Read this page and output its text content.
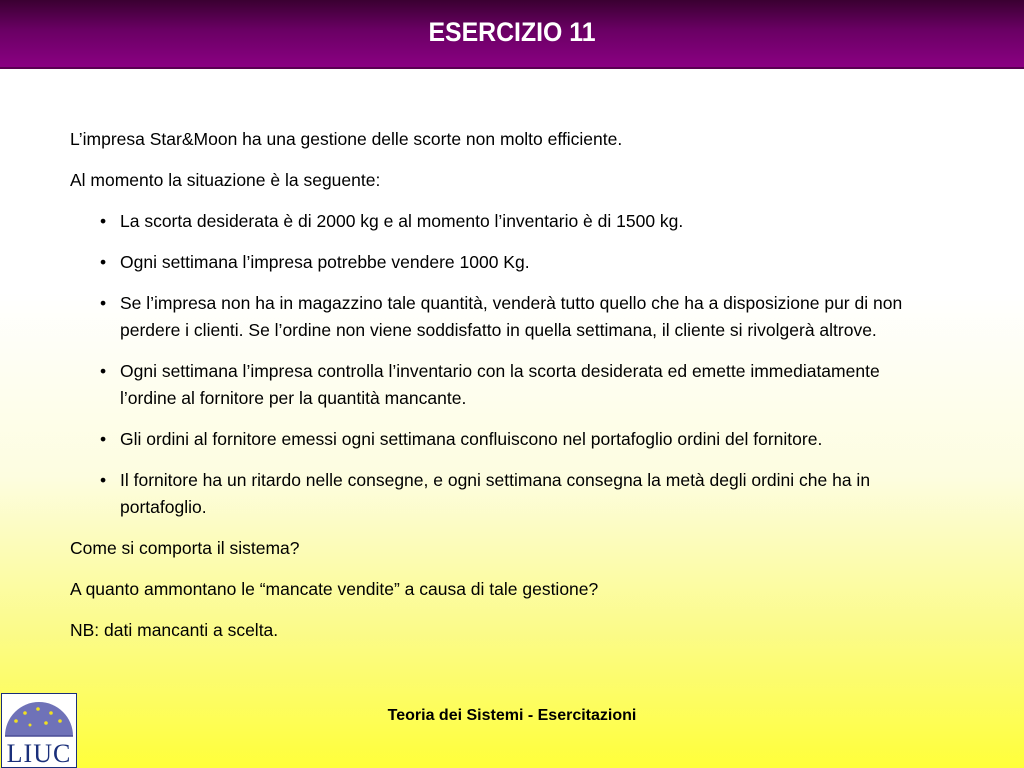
ESERCIZIO 11

L’impresa Star&Moon ha una gestione delle scorte non molto efficiente.

Al momento la situazione è la seguente:

• La scorta desiderata è di 2000 kg e al momento l’inventario è di 1500 kg.
• Ogni settimana l’impresa potrebbe vendere 1000 Kg.
• Se l’impresa non ha in magazzino tale quantità, venderà tutto quello che ha a disposizione pur di non perdere i clienti. Se l’ordine non viene soddisfatto in quella settimana, il cliente si rivolgerà altrove.
• Ogni settimana l’impresa controlla l’inventario con la scorta desiderata ed emette immediatamente l’ordine al fornitore per la quantità mancante.
• Gli ordini al fornitore emessi ogni settimana confluiscono nel portafoglio ordini del fornitore.
• Il fornitore ha un ritardo nelle consegne, e ogni settimana consegna la metà degli ordini che ha in portafoglio.

Come si comporta il sistema?

A quanto ammontano le “mancate vendite” a causa di tale gestione?

NB: dati mancanti a scelta.

Teoria dei Sistemi - Esercitazioni
LIUC
